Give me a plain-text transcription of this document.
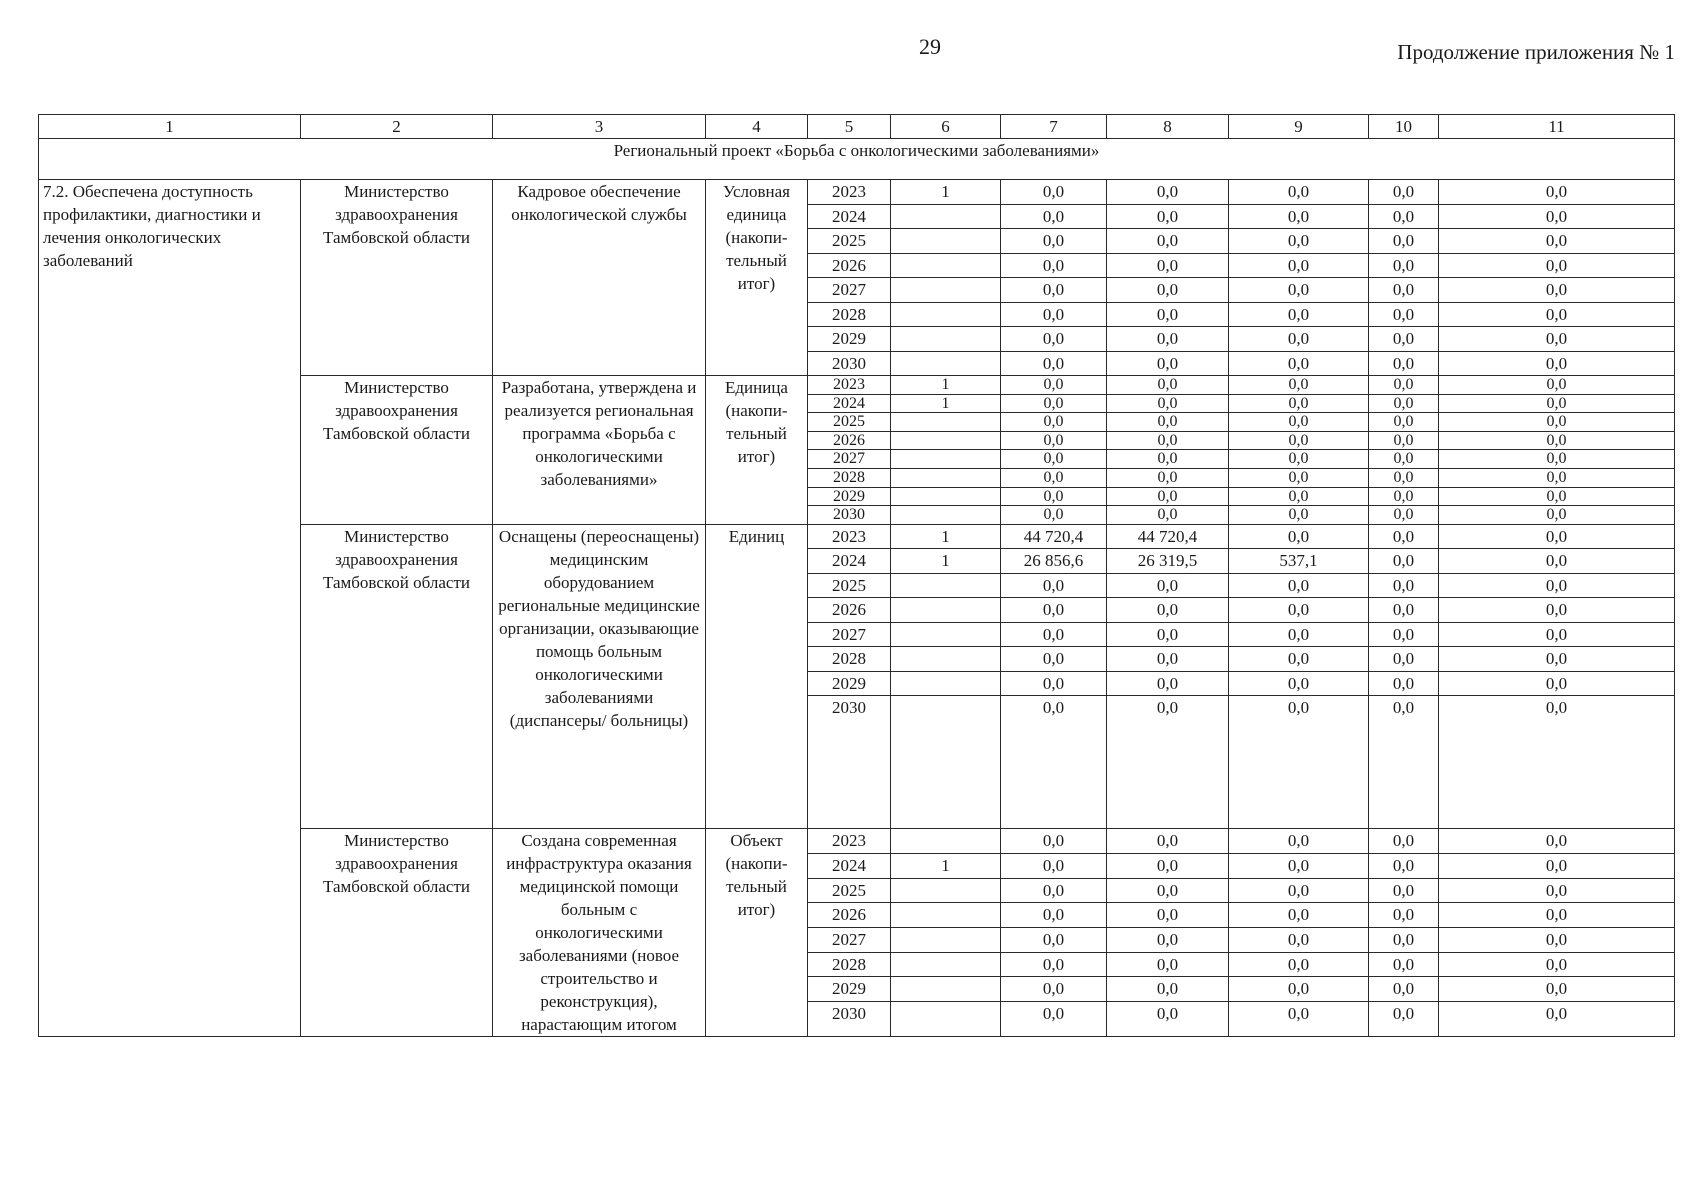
29	Продолжение приложения № 1
1	2	3	4	5	6	7	8	9	10	11
Региональный проект «Борьба с онкологическими заболеваниями»										
7.2. Обеспечена доступность профилактики, диагностики и лечения онкологических заболеваний	Министерство здравоохранения Тамбовской области	Кадровое обеспечение онкологической службы	Условная единица (накопи-тельный итог)	2023	1	0,0	0,0	0,0	0,0	0,0
				2024		0,0	0,0	0,0	0,0	0,0
				2025		0,0	0,0	0,0	0,0	0,0
				2026		0,0	0,0	0,0	0,0	0,0
				2027		0,0	0,0	0,0	0,0	0,0
				2028		0,0	0,0	0,0	0,0	0,0
				2029		0,0	0,0	0,0	0,0	0,0
				2030		0,0	0,0	0,0	0,0	0,0
	Министерство здравоохранения Тамбовской области	Разработана, утверждена и реализуется региональная программа «Борьба с онкологическими заболеваниями»	Единица (накопи-тельный итог)	2023	1	0,0	0,0	0,0	0,0	0,0
				2024	1	0,0	0,0	0,0	0,0	0,0
				2025		0,0	0,0	0,0	0,0	0,0
				2026		0,0	0,0	0,0	0,0	0,0
				2027		0,0	0,0	0,0	0,0	0,0
				2028		0,0	0,0	0,0	0,0	0,0
				2029		0,0	0,0	0,0	0,0	0,0
				2030		0,0	0,0	0,0	0,0	0,0
	Министерство здравоохранения Тамбовской области	Оснащены (переоснащены) медицинским оборудованием региональные медицинские организации, оказывающие помощь больным онкологическими заболеваниями (диспансеры/ больницы)	Единиц	2023	1	44 720,4	44 720,4	0,0	0,0	0,0
				2024	1	26 856,6	26 319,5	537,1	0,0	0,0
				2025		0,0	0,0	0,0	0,0	0,0
				2026		0,0	0,0	0,0	0,0	0,0
				2027		0,0	0,0	0,0	0,0	0,0
				2028		0,0	0,0	0,0	0,0	0,0
				2029		0,0	0,0	0,0	0,0	0,0
				2030		0,0	0,0	0,0	0,0	0,0
	Министерство здравоохранения Тамбовской области	Создана современная инфраструктура оказания медицинской помощи больным с онкологическими заболеваниями (новое строительство и реконструкция), нарастающим итогом	Объект (накопи-тельный итог)	2023		0,0	0,0	0,0	0,0	0,0
				2024	1	0,0	0,0	0,0	0,0	0,0
				2025		0,0	0,0	0,0	0,0	0,0
				2026		0,0	0,0	0,0	0,0	0,0
				2027		0,0	0,0	0,0	0,0	0,0
				2028		0,0	0,0	0,0	0,0	0,0
				2029		0,0	0,0	0,0	0,0	0,0
				2030		0,0	0,0	0,0	0,0	0,0
